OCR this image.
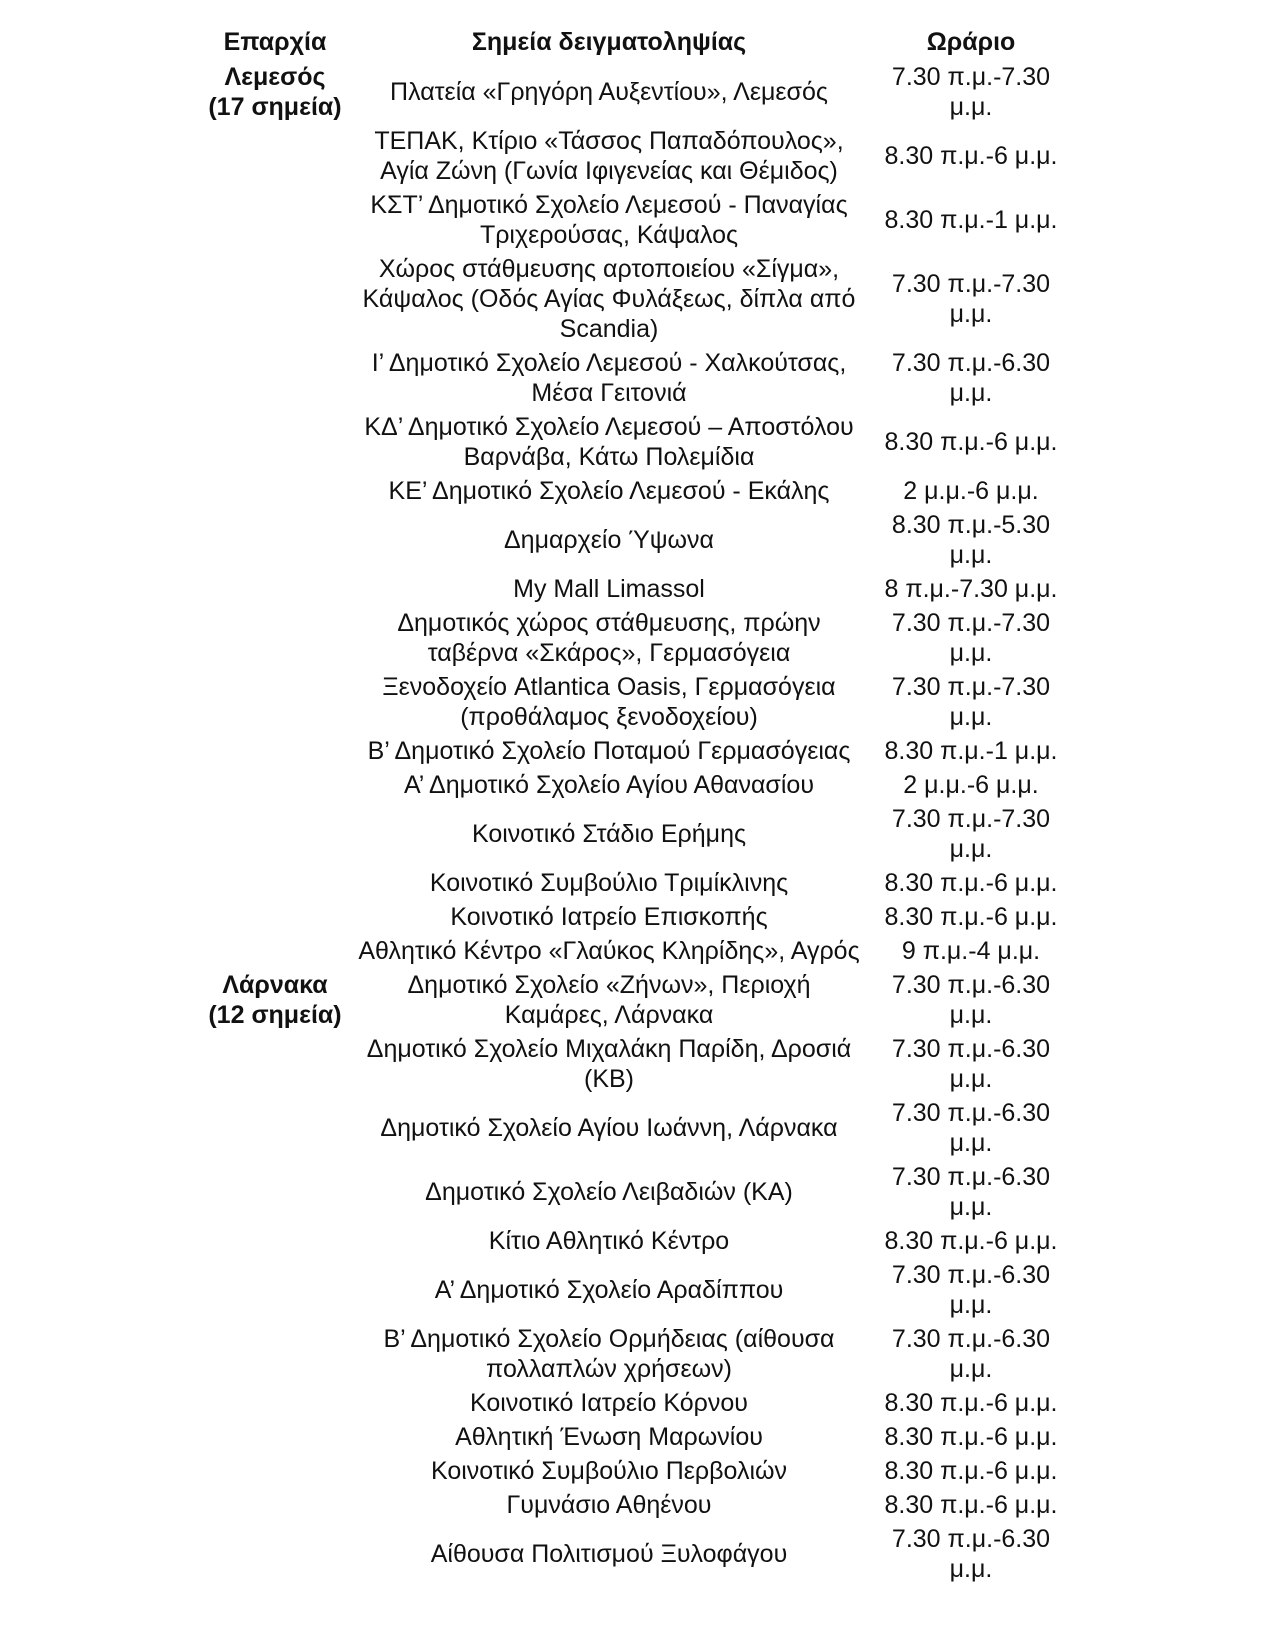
Επαρχία	Σημεία δειγματοληψίας	Ωράριο

Λεμεσός
(17 σημεία)	Πλατεία «Γρηγόρη Αυξεντίου», Λεμεσός	7.30 π.μ.-7.30 μ.μ.
	ΤΕΠΑΚ, Κτίριο «Τάσσος Παπαδόπουλος», Αγία Ζώνη (Γωνία Ιφιγενείας και Θέμιδος)	8.30 π.μ.-6 μ.μ.
	ΚΣΤ’ Δημοτικό Σχολείο Λεμεσού - Παναγίας Τριχερούσας, Κάψαλος	8.30 π.μ.-1 μ.μ.
	Χώρος στάθμευσης αρτοποιείου «Σίγμα», Κάψαλος (Οδός Αγίας Φυλάξεως, δίπλα από Scandia)	7.30 π.μ.-7.30 μ.μ.
	Ι’ Δημοτικό Σχολείο Λεμεσού - Χαλκούτσας, Μέσα Γειτονιά	7.30 π.μ.-6.30 μ.μ.
	ΚΔ’ Δημοτικό Σχολείο Λεμεσού – Αποστόλου Βαρνάβα, Κάτω Πολεμίδια	8.30 π.μ.-6 μ.μ.
	ΚΕ’ Δημοτικό Σχολείο Λεμεσού - Εκάλης	2 μ.μ.-6 μ.μ.
	Δημαρχείο Ύψωνα	8.30 π.μ.-5.30 μ.μ.
	My Mall Limassol	8 π.μ.-7.30 μ.μ.
	Δημοτικός χώρος στάθμευσης, πρώην ταβέρνα «Σκάρος», Γερμασόγεια	7.30 π.μ.-7.30 μ.μ.
	Ξενοδοχείο Atlantica Oasis, Γερμασόγεια (προθάλαμος ξενοδοχείου)	7.30 π.μ.-7.30 μ.μ.
	Β’ Δημοτικό Σχολείο Ποταμού Γερμασόγειας	8.30 π.μ.-1 μ.μ.
	Α’ Δημοτικό Σχολείο Αγίου Αθανασίου	2 μ.μ.-6 μ.μ.
	Κοινοτικό Στάδιο Ερήμης	7.30 π.μ.-7.30 μ.μ.
	Κοινοτικό Συμβούλιο Τριμίκλινης	8.30 π.μ.-6 μ.μ.
	Κοινοτικό Ιατρείο Επισκοπής	8.30 π.μ.-6 μ.μ.
	Αθλητικό Κέντρο «Γλαύκος Κληρίδης», Αγρός	9 π.μ.-4 μ.μ.

Λάρνακα
(12 σημεία)	Δημοτικό Σχολείο «Ζήνων», Περιοχή Καμάρες, Λάρνακα	7.30 π.μ.-6.30 μ.μ.
	Δημοτικό Σχολείο Μιχαλάκη Παρίδη, Δροσιά (ΚΒ)	7.30 π.μ.-6.30 μ.μ.
	Δημοτικό Σχολείο Αγίου Ιωάννη, Λάρνακα	7.30 π.μ.-6.30 μ.μ.
	Δημοτικό Σχολείο Λειβαδιών (ΚΑ)	7.30 π.μ.-6.30 μ.μ.
	Κίτιο Αθλητικό Κέντρο	8.30 π.μ.-6 μ.μ.
	Α’ Δημοτικό Σχολείο Αραδίππου	7.30 π.μ.-6.30 μ.μ.
	Β’ Δημοτικό Σχολείο Ορμήδειας (αίθουσα πολλαπλών χρήσεων)	7.30 π.μ.-6.30 μ.μ.
	Κοινοτικό Ιατρείο Κόρνου	8.30 π.μ.-6 μ.μ.
	Αθλητική Ένωση Μαρωνίου	8.30 π.μ.-6 μ.μ.
	Κοινοτικό Συμβούλιο Περβολιών	8.30 π.μ.-6 μ.μ.
	Γυμνάσιο Αθηένου	8.30 π.μ.-6 μ.μ.
	Αίθουσα Πολιτισμού Ξυλοφάγου	7.30 π.μ.-6.30 μ.μ.
